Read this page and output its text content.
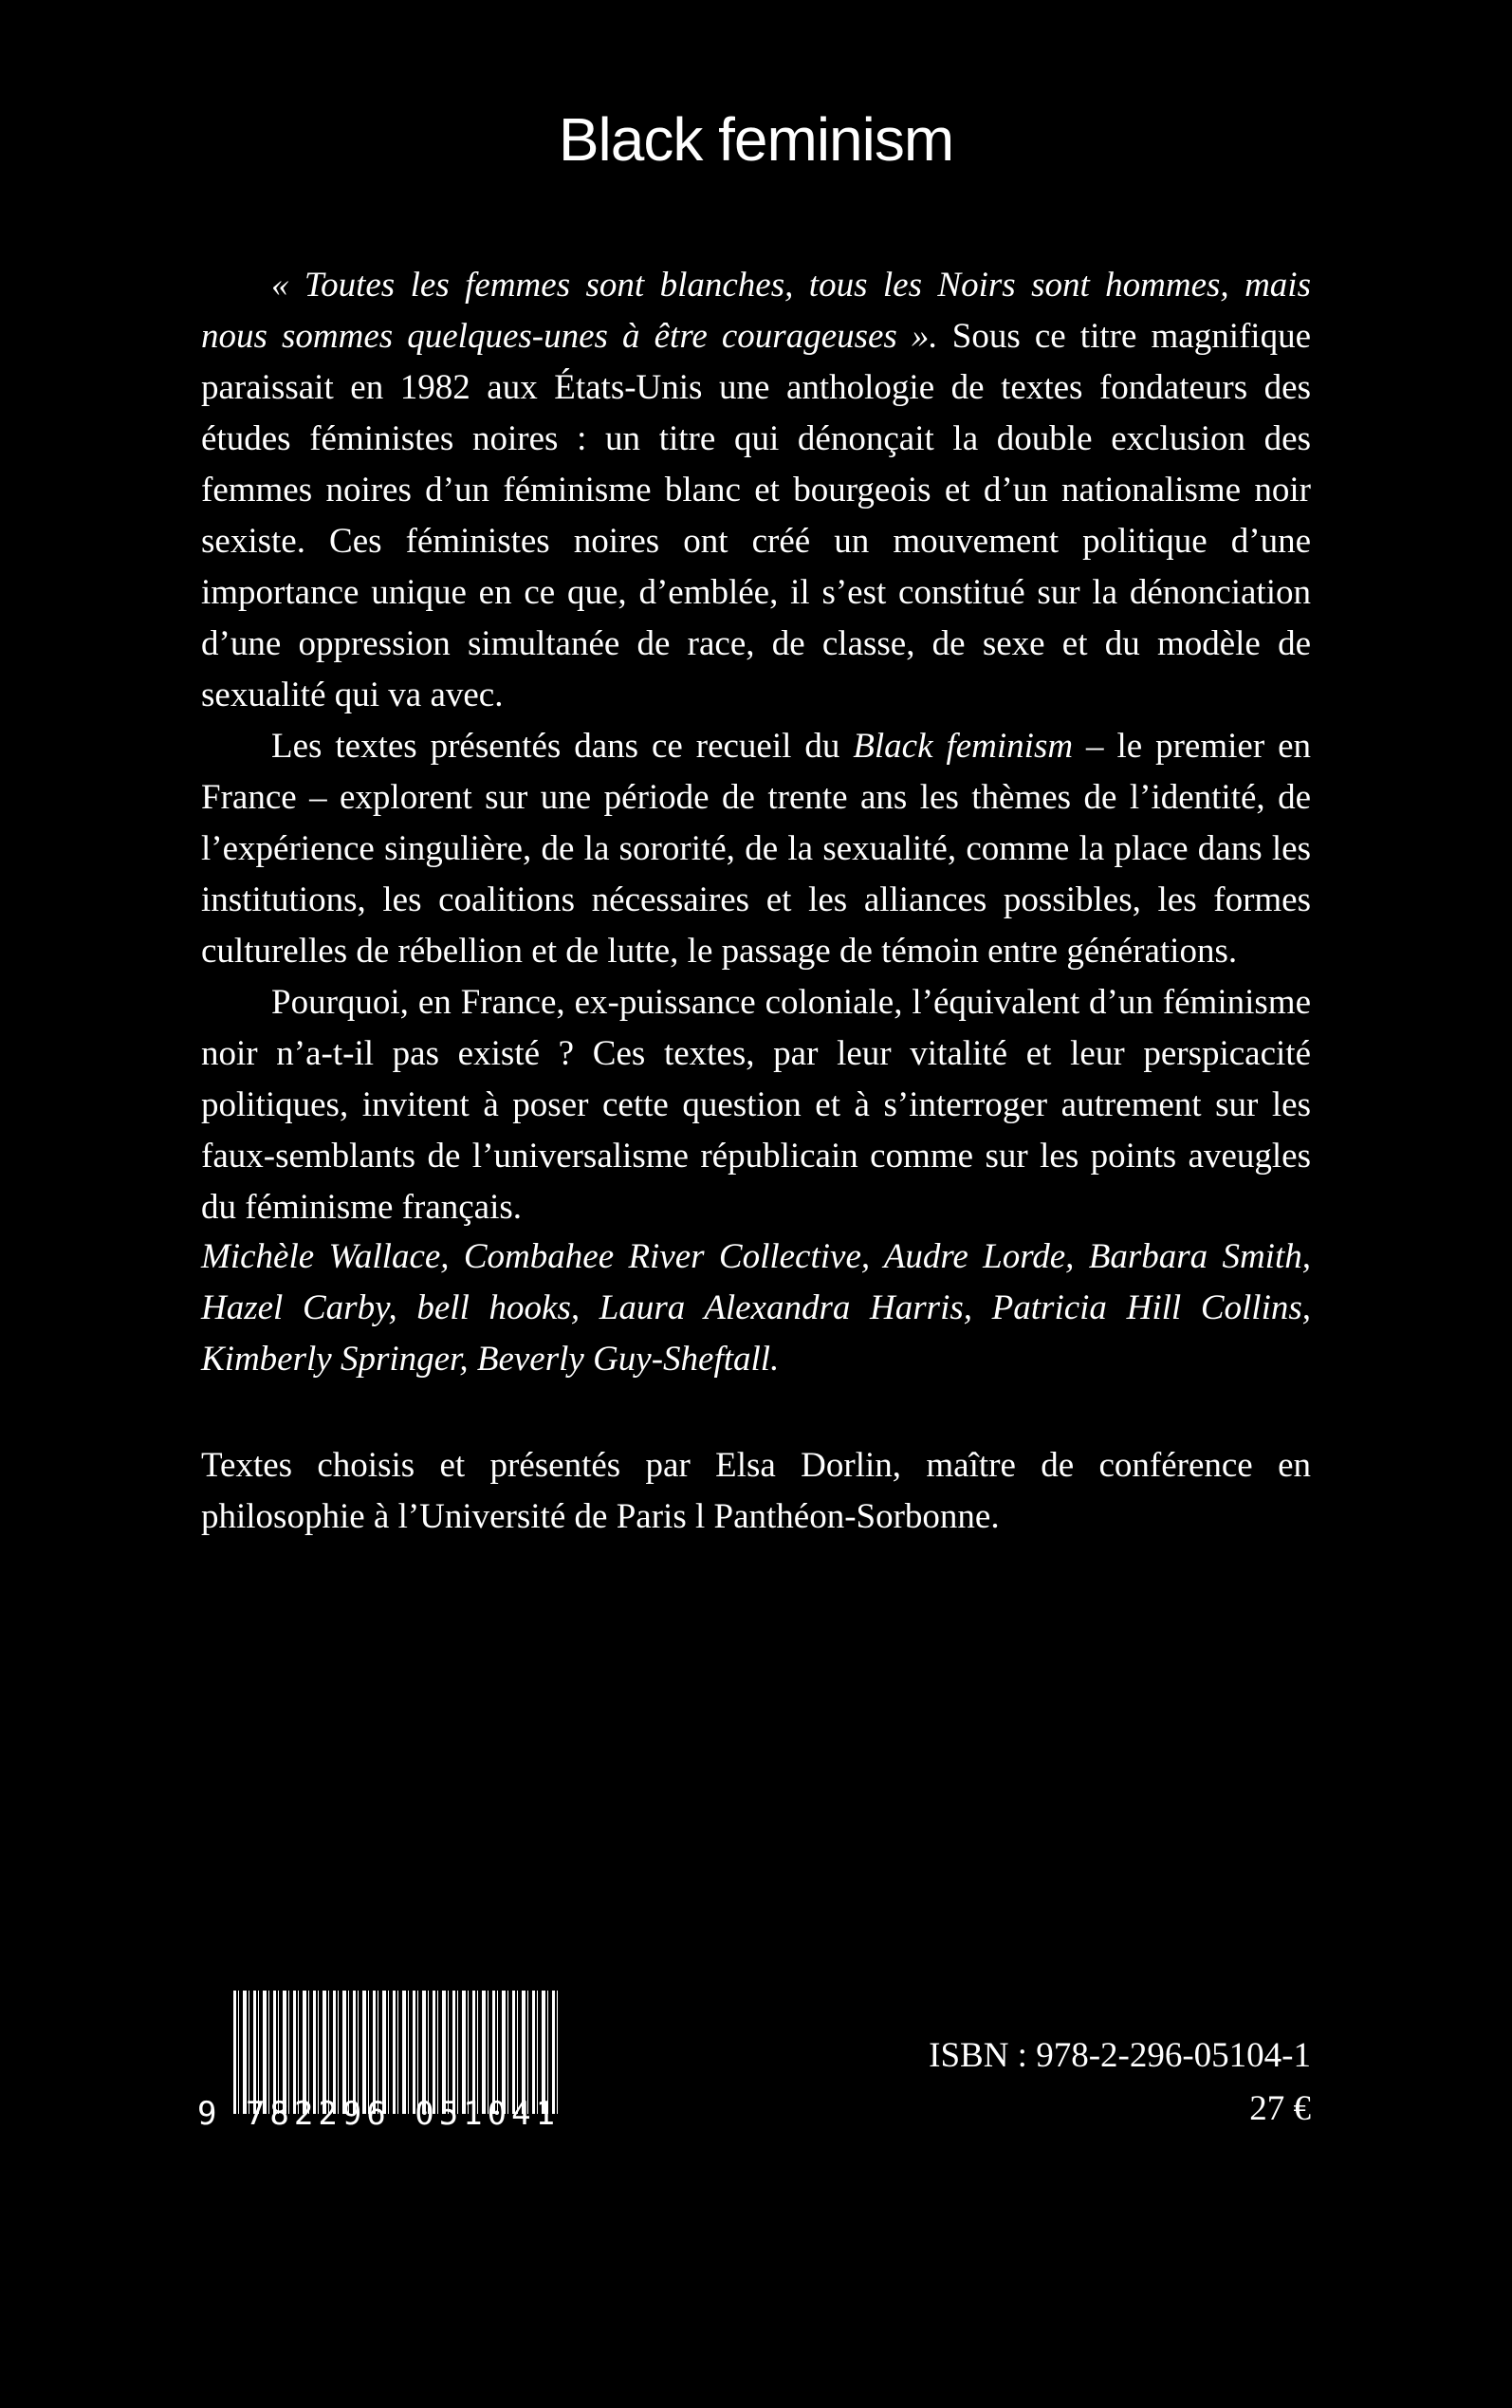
Black feminism

« Toutes les femmes sont blanches, tous les Noirs sont hommes, mais nous sommes quelques-unes à être courageuses ». Sous ce titre magnifique paraissait en 1982 aux États-Unis une anthologie de textes fondateurs des études féministes noires : un titre qui dénonçait la double exclusion des femmes noires d’un féminisme blanc et bourgeois et d’un nationalisme noir sexiste. Ces féministes noires ont créé un mouvement politique d’une importance unique en ce que, d’emblée, il s’est constitué sur la dénonciation d’une oppression simultanée de race, de classe, de sexe et du modèle de sexualité qui va avec.

Les textes présentés dans ce recueil du Black feminism – le premier en France – explorent sur une période de trente ans les thèmes de l’identité, de l’expérience singulière, de la sororité, de la sexualité, comme la place dans les institutions, les coalitions nécessaires et les alliances possibles, les formes culturelles de rébellion et de lutte, le passage de témoin entre générations.

Pourquoi, en France, ex-puissance coloniale, l’équivalent d’un féminisme noir n’a-t-il pas existé ? Ces textes, par leur vitalité et leur perspicacité politiques, invitent à poser cette question et à s’interroger autrement sur les faux-semblants de l’universalisme républicain comme sur les points aveugles du féminisme français.

Michèle Wallace, Combahee River Collective, Audre Lorde, Barbara Smith, Hazel Carby, bell hooks, Laura Alexandra Harris, Patricia Hill Collins, Kimberly Springer, Beverly Guy-Sheftall.
Textes choisis et présentés par Elsa Dorlin, maître de conférence en philosophie à l’Université de Paris l Panthéon-Sorbonne.
9 782296 051041
ISBN : 978-2-296-05104-1
27 €
